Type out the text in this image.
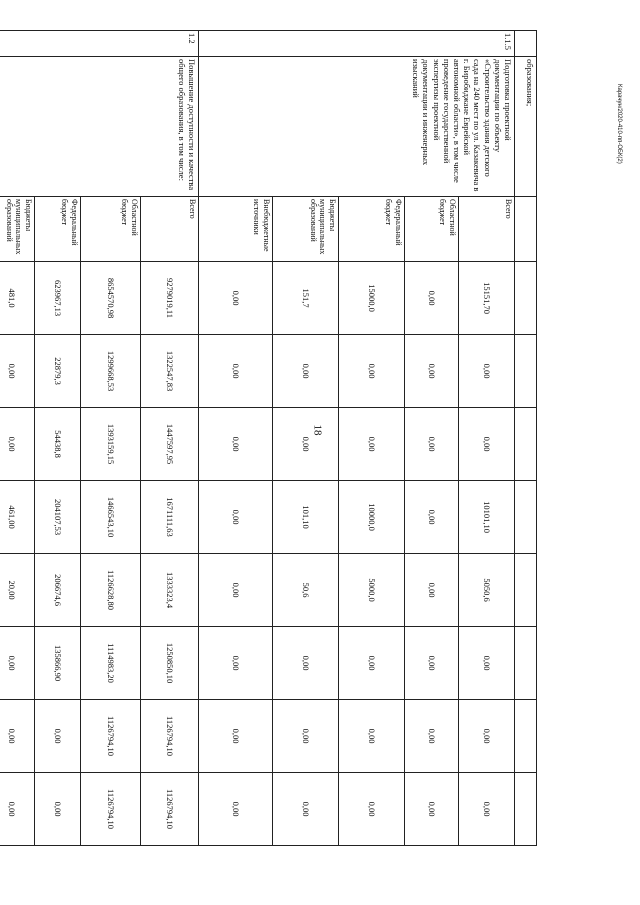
18
Карачун/2020-410-пп-ОБК(2)
	образования;									
1.1.5	Подготовка проектной документации по объекту «Строительство здания детского сада на 240 мест по ул. Казакевича в г. Биробиджане Еврейской автономной области», в том числе проведение государственной экспертизы проектной документации и инженерных изысканий	Всего	15151,70	0,00	0,00	10101,10	5050,6	0,00	0,00	0,00
		Областной бюджет	0,00	0,00	0,00	0,00	0,00	0,00	0,00	0,00
		Федеральный бюджет	15000,0	0,00	0,00	10000,0	5000,0	0,00	0,00	0,00
		Бюджеты муниципальных образований	151,7	0,00	0,00	101,10	50,6	0,00	0,00	0,00
		Внебюджетные источники	0,00	0,00	0,00	0,00	0,00	0,00	0,00	0,00
1.2	Повышение доступности и качества общего образования, в том числе:	Всего	9279019,11	1322547,83	1447597,95	1671111,63	1333323,4	1250850,10	1126794,10	1126794,10
		Областной бюджет	8654570,98	1299668,53	1393159,15	1466543,10	1126628,80	1114983,20	1126794,10	1126794,10
		Федеральный бюджет	623967,13	22879,3	54438,8	204107,53	206674,6	135866,90	0,00	0,00
		Бюджеты муниципальных образований	481,0	0,00	0,00	461,00	20,00	0,00	0,00	0,00
